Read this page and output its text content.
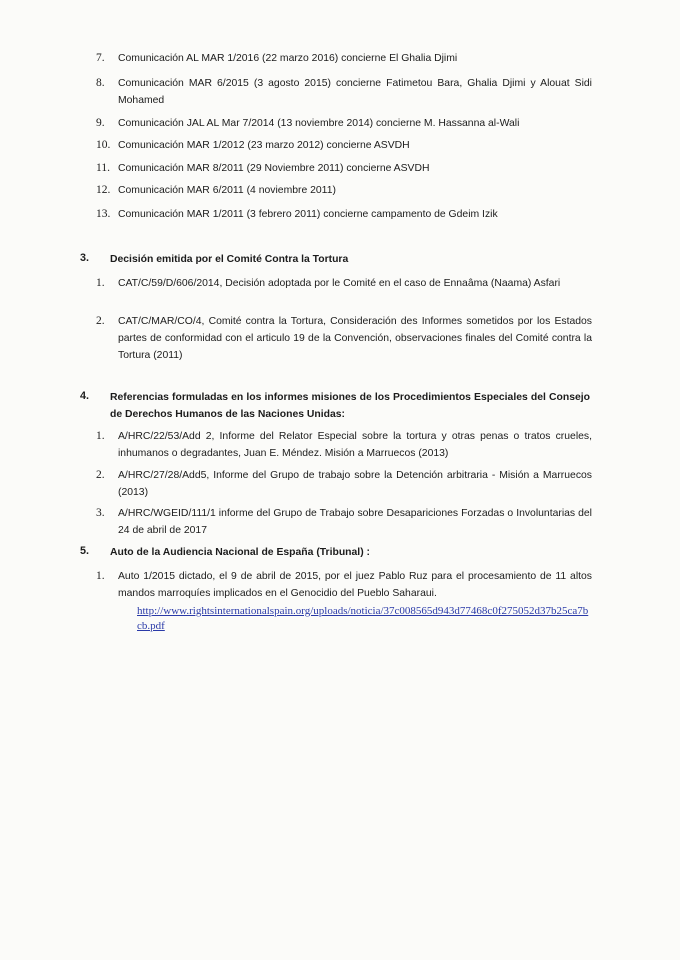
7.	Comunicación AL MAR 1/2016 (22 marzo 2016) concierne El Ghalia Djimi
8.	Comunicación MAR 6/2015 (3 agosto 2015) concierne Fatimetou Bara, Ghalia Djimi y Alouat Sidi Mohamed
9.	Comunicación JAL AL Mar 7/2014 (13 noviembre 2014) concierne M. Hassanna al-Wali
10. Comunicación MAR 1/2012 (23 marzo 2012) concierne ASVDH
11. Comunicación MAR 8/2011 (29 Noviembre 2011) concierne ASVDH
12. Comunicación MAR 6/2011 (4 noviembre 2011)
13. Comunicación MAR 1/2011 (3 febrero 2011) concierne campamento de Gdeim Izik
3. Decisión emitida por el Comité Contra la Tortura
1.	CAT/C/59/D/606/2014, Decisión adoptada por le Comité en el caso de Ennaâma (Naama) Asfari
2.	CAT/C/MAR/CO/4, Comité contra la Tortura, Consideración des Informes sometidos por los Estados partes de conformidad con el articulo 19 de la Convención, observaciones finales del Comité contra la Tortura (2011)
4. Referencias formuladas en los informes misiones de los Procedimientos Especiales del Consejo de Derechos Humanos de las Naciones Unidas:
1.	A/HRC/22/53/Add 2, Informe del Relator Especial sobre la tortura y otras penas o tratos crueles, inhumanos o degradantes, Juan E. Méndez. Misión a Marruecos (2013)
2.	A/HRC/27/28/Add5, Informe del Grupo de trabajo sobre la Detención arbitraria - Misión a Marruecos (2013)
3.	A/HRC/WGEID/111/1 informe del Grupo de Trabajo sobre Desapariciones Forzadas o Involuntarias del 24 de abril de 2017
5. Auto de la Audiencia Nacional de España (Tribunal) :
1.	Auto 1/2015 dictado, el 9 de abril de 2015, por el juez Pablo Ruz para el procesamiento de 11 altos mandos marroquíes implicados en el Genocidio del Pueblo Saharaui.
http://www.rightsinternationalspain.org/uploads/noticia/37c008565d943d77468c0f275052d37b25ca7bcb.pdf
